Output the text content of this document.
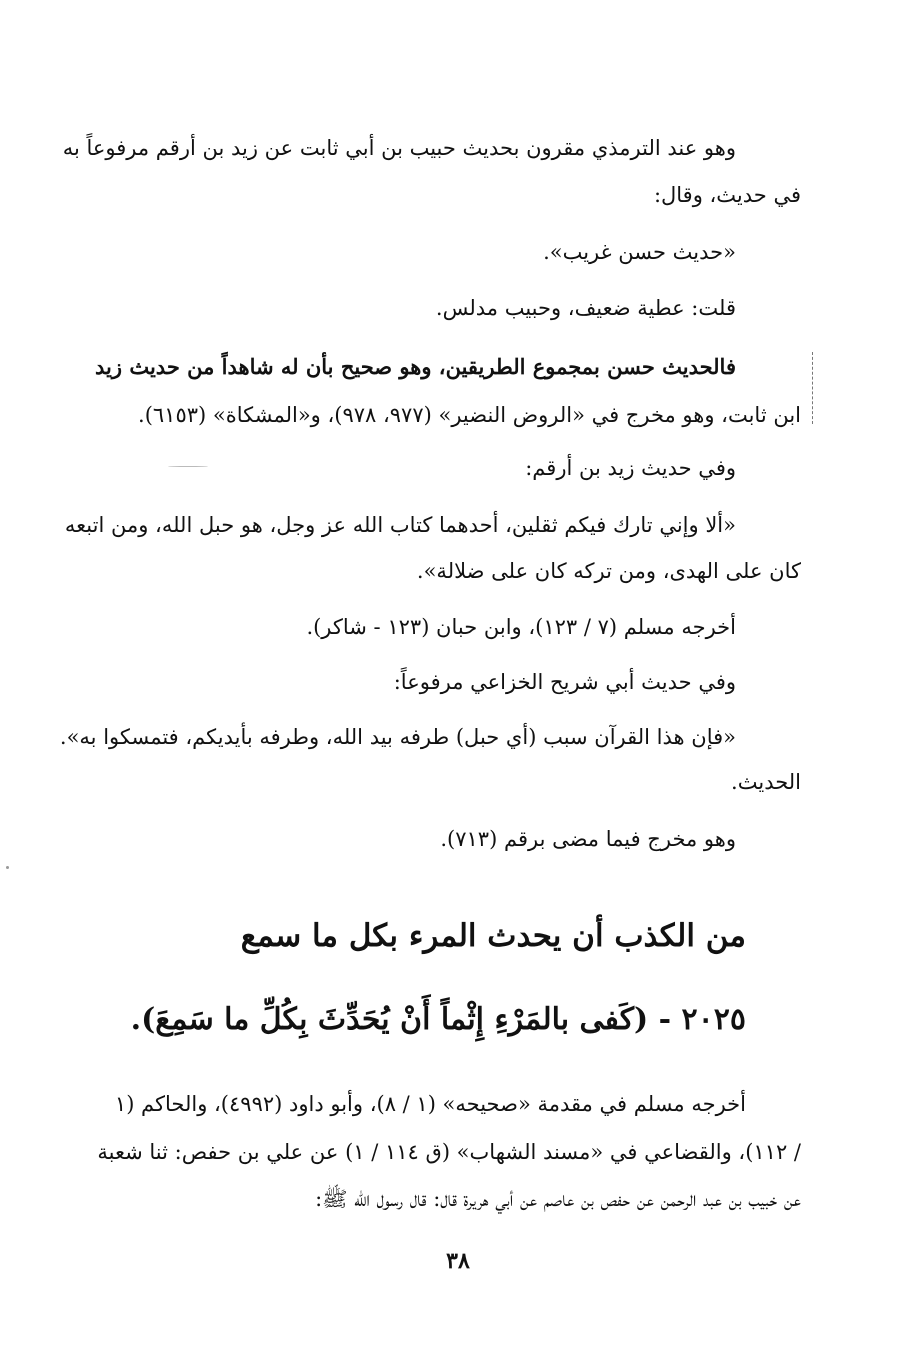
وهو عند الترمذي مقرون بحديث حبيب بن أبي ثابت عن زيد بن أرقم مرفوعاً به
في حديث، وقال:
«حديث حسن غريب».
قلت: عطية ضعيف، وحبيب مدلس.
فالحديث حسن بمجموع الطريقين، وهو صحيح بأن له شاهداً من حديث زيد
ابن ثابت، وهو مخرج في «الروض النضير» (٩٧٧، ٩٧٨)، و«المشكاة» (٦١٥٣).
وفي حديث زيد بن أرقم:
«ألا وإني تارك فيكم ثقلين، أحدهما كتاب الله عز وجل، هو حبل الله، ومن اتبعه
كان على الهدى، ومن تركه كان على ضلالة».
أخرجه مسلم (٧ / ١٢٣)، وابن حبان (١٢٣ - شاكر).
وفي حديث أبي شريح الخزاعي مرفوعاً:
«فإن هذا القرآن سبب (أي حبل) طرفه بيد الله، وطرفه بأيديكم، فتمسكوا به».
الحديث.
وهو مخرج فيما مضى برقم (٧١٣).
من الكذب أن يحدث المرء بكل ما سمع
٢٠٢٥ - (كَفى بالمَرْءِ إِثْماً أَنْ يُحَدِّثَ بِكُلِّ ما سَمِعَ).
أخرجه مسلم في مقدمة «صحيحه» (١ / ٨)، وأبو داود (٤٩٩٢)، والحاكم (١
/ ١١٢)، والقضاعي في «مسند الشهاب» (ق ١١٤ / ١) عن علي بن حفص: ثنا شعبة
عن خبيب بن عبد الرحمن عن حفص بن عاصم عن أبي هريرة قال: قال رسول الله ﷺ:
٣٨
